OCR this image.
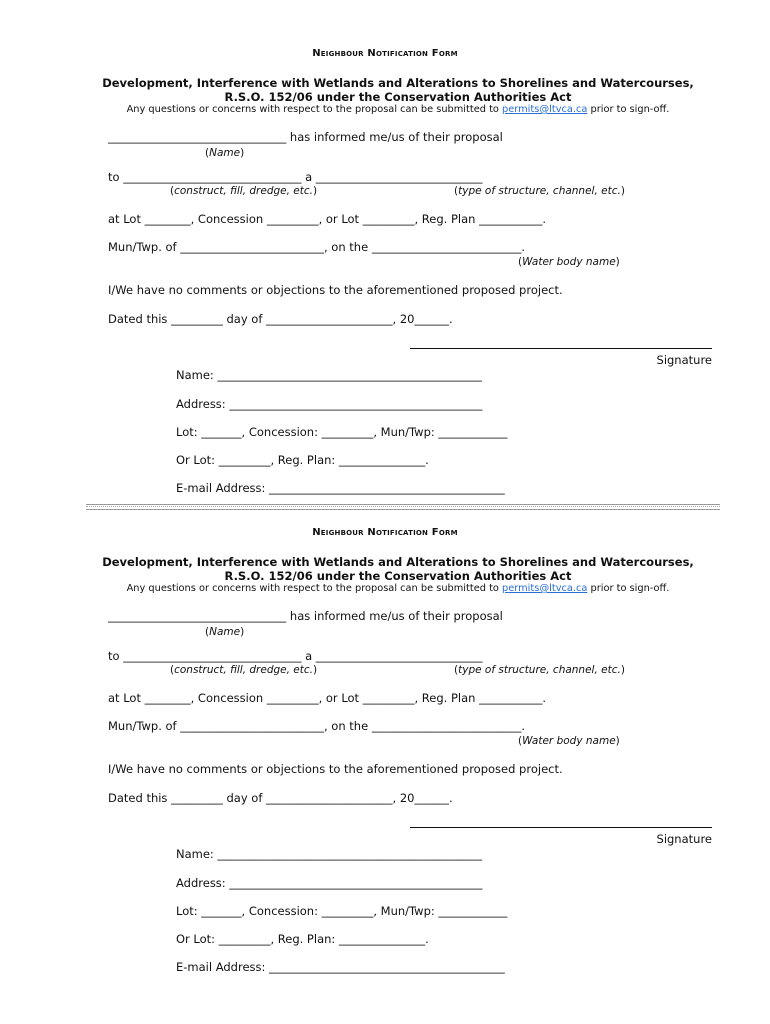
Neighbour Notification Form
Development, Interference with Wetlands and Alterations to Shorelines and Watercourses,
R.S.O. 152/06 under the Conservation Authorities Act
Any questions or concerns with respect to the proposal can be submitted to permits@ltvca.ca prior to sign-off.
_______________________________ has informed me/us of their proposal
(Name)
to _______________________________ a _____________________________
(construct, fill, dredge, etc.)	(type of structure, channel, etc.)
at Lot ________, Concession _________, or Lot _________, Reg. Plan ___________.
Mun/Twp. of _________________________, on the __________________________.
(Water body name)
I/We have no comments or objections to the aforementioned proposed project.
Dated this _________ day of ______________________, 20______.
Signature
Name: ______________________________________________
Address: ____________________________________________
Lot: _______, Concession: _________, Mun/Twp: ____________
Or Lot: _________, Reg. Plan: _______________.
E-mail Address: _________________________________________
Neighbour Notification Form
Development, Interference with Wetlands and Alterations to Shorelines and Watercourses,
R.S.O. 152/06 under the Conservation Authorities Act
Any questions or concerns with respect to the proposal can be submitted to permits@ltvca.ca prior to sign-off.
_______________________________ has informed me/us of their proposal
(Name)
to _______________________________ a _____________________________
(construct, fill, dredge, etc.)	(type of structure, channel, etc.)
at Lot ________, Concession _________, or Lot _________, Reg. Plan ___________.
Mun/Twp. of _________________________, on the __________________________.
(Water body name)
I/We have no comments or objections to the aforementioned proposed project.
Dated this _________ day of ______________________, 20______.
Signature
Name: ______________________________________________
Address: ____________________________________________
Lot: _______, Concession: _________, Mun/Twp: ____________
Or Lot: _________, Reg. Plan: _______________.
E-mail Address: _________________________________________
